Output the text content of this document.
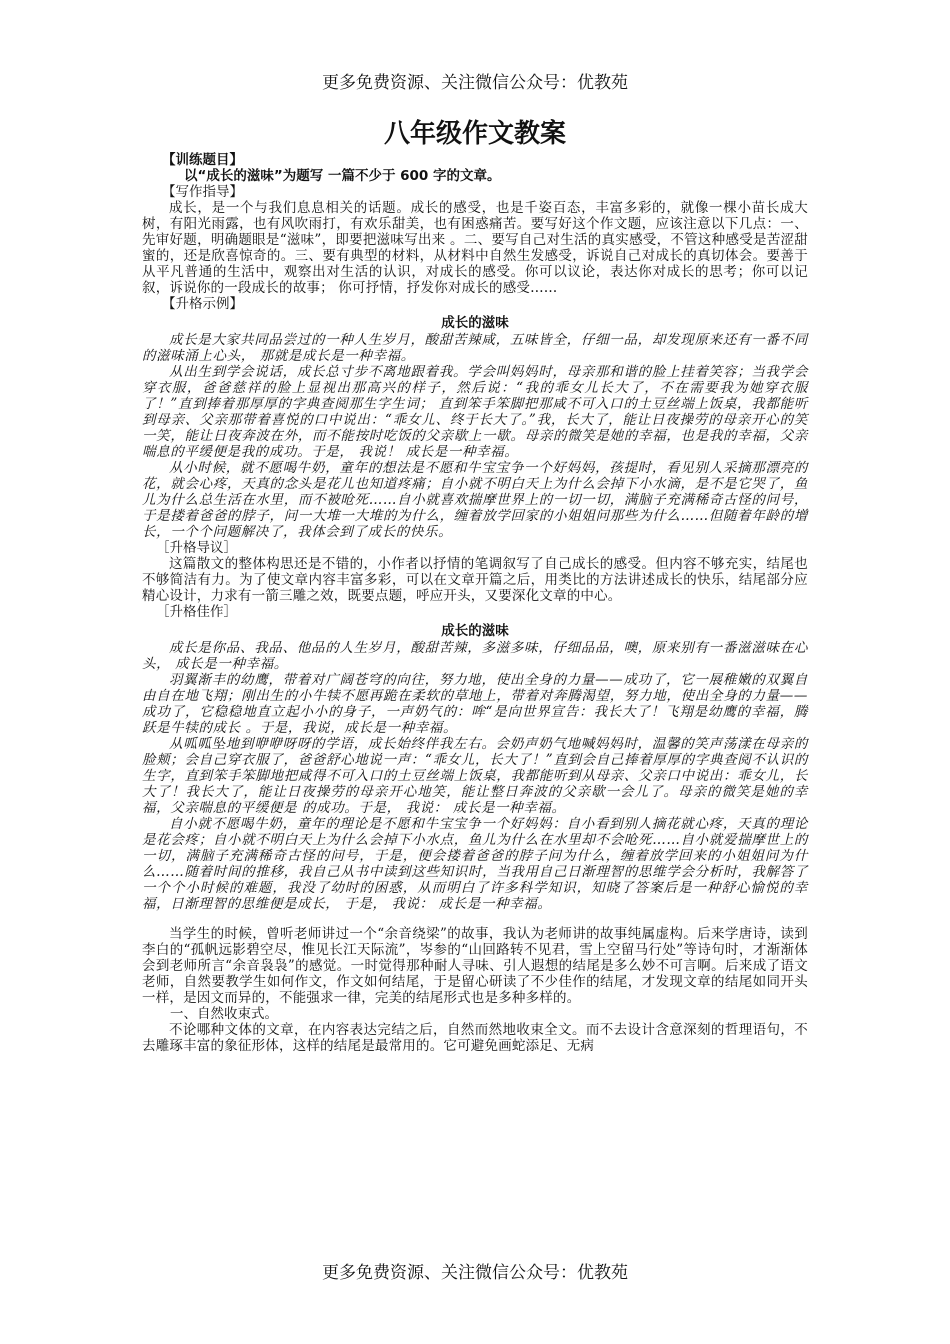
更多免费资源、关注微信公众号：优教苑
八年级作文教案
【训练题目】
以“成长的滋味”为题写 一篇不少于 600 字的文章。
【写作指导】

成长，是一个与我们息息相关的话题。成长的感受，也是千姿百态，丰富多彩的，就像一棵小苗长成大树，有阳光雨露，也有风吹雨打，有欢乐甜美，也有困惑痛苦。要写好这个作文题，应该注意以下几点：一、先审好题，明确题眼是“滋味”，即要把滋味写出来 。二、要写自己对生活的真实感受，不管这种感受是苦涩甜蜜的，还是欣喜惊奇的。三、要有典型的材料，从材料中自然生发感受，诉说自己对成长的真切体会。要善于从平凡普通的生活中，观察出对生活的认识，对成长的感受。你可以议论，表达你对成长的思考；你可以记叙，诉说你的一段成长的故事； 你可抒情，抒发你对成长的感受……

【升格示例】
成长的滋味

成长是大家共同品尝过的一种人生岁月，酸甜苦辣咸，五味皆全，仔细一品，却发现原来还有一番不同的滋味涌上心头， 那就是成长是一种幸福。

从出生到学会说话，成长总寸步不离地跟着我。学会叫妈妈时，母亲那和谐的脸上挂着笑容；当我学会穿衣服，爸爸慈祥的脸上显视出那高兴的样子，然后说：“我的乖女儿长大了，不在需要我为她穿衣服了！”直到捧着那厚厚的字典查阅那生字生词； 直到笨手笨脚把那咸不可入口的土豆丝端上饭桌，我都能听到母亲、父亲那带着喜悦的口中说出：“乖女儿、终于长大了。”我，长大了，能让日夜操劳的母亲开心的笑一笑，能让日夜奔波在外，而不能按时吃饭的父亲歇上一歇。母亲的微笑是她的幸福，也是我的幸福，父亲喘息的平缓便是我的成功。于是， 我说！ 成长是一种幸福。

从小时候，就不愿喝牛奶，童年的想法是不愿和牛宝宝争一个好妈妈，孩提时，看见别人采摘那漂亮的花，就会心疼，天真的念头是花儿也知道疼痛；自小就不明白天上为什么会掉下小水滴，是不是它哭了，鱼儿为什么总生活在水里，而不被呛死……自小就喜欢揣摩世界上的一切一切，满脑子充满稀奇古怪的问号，于是搂着爸爸的脖子，问一大堆一大堆的为什么，缠着放学回家的小姐姐问那些为什么……但随着年龄的增长，一个个问题解决了，我体会到了成长的快乐。

［升格导议］

这篇散文的整体构思还是不错的，小作者以抒情的笔调叙写了自己成长的感受。但内容不够充实，结尾也不够简洁有力。为了使文章内容丰富多彩，可以在文章开篇之后，用类比的方法讲述成长的快乐，结尾部分应精心设计，力求有一箭三雕之效，既要点题，呼应开头，又要深化文章的中心。

［升格佳作］
成长的滋味

成长是你品、我品、他品的人生岁月，酸甜苦辣，多滋多味，仔细品品，噢，原来别有一番滋滋味在心头， 成长是一种幸福。

羽翼渐丰的幼鹰，带着对广阔苍穹的向往，努力地，使出全身的力量——成功了，它一展稚嫩的双翼自由自在地飞翔；刚出生的小牛犊不愿再跪在柔软的草地上，带着对奔腾渴望，努力地，使出全身的力量——成功了，它稳稳地直立起小小的身子，一声奶气的：哞“是向世界宣告：我长大了！飞翔是幼鹰的幸福，腾跃是牛犊的成长 。于是，我说，成长是一种幸福。

从呱呱坠地到咿咿呀呀的学语，成长始终伴我左右。会奶声奶气地喊妈妈时，温馨的笑声荡漾在母亲的脸颊；会自己穿衣服了，爸爸舒心地说一声：“乖女儿，长大了！”直到会自己捧着厚厚的字典查阅不认识的生字，直到笨手笨脚地把咸得不可入口的土豆丝端上饭桌，我都能听到从母亲、父亲口中说出：乖女儿，长大了！我长大了，能让日夜操劳的母亲开心地笑，能让整日奔波的父亲歇一会儿了。母亲的微笑是她的幸福，父亲喘息的平缓便是 的成功。于是， 我说： 成长是一种幸福。

自小就不愿喝牛奶，童年的理论是不愿和牛宝宝争一个好妈妈：自小看到别人摘花就心疼，天真的理论是花会疼；自小就不明白天上为什么会掉下小水点，鱼儿为什么在水里却不会呛死……自小就爱揣摩世上的一切，满脑子充满稀奇古怪的问号，于是，便会搂着爸爸的脖子问为什么，缠着放学回来的小姐姐问为什么……随着时间的推移，我自己从书中读到这些知识时，当我用自己日渐理智的思维学会分析时，我解答了一个个小时候的难题，我没了幼时的困惑，从而明白了许多科学知识，知晓了答案后是一种舒心愉悦的幸福，日渐理智的思维便是成长， 于是， 我说： 成长是一种幸福。

当学生的时候，曾听老师讲过一个“余音绕梁”的故事，我认为老师讲的故事纯属虚构。后来学唐诗，读到李白的“孤帆远影碧空尽，惟见长江天际流”，岑参的“山回路转不见君，雪上空留马行处”等诗句时，才渐渐体会到老师所言“余音袅袅”的感觉。一时觉得那种耐人寻味、引人遐想的结尾是多么妙不可言啊。后来成了语文老师，自然要教学生如何作文，作文如何结尾，于是留心研读了不少佳作的结尾，才发现文章的结尾如同开头一样，是因文而异的，不能强求一律，完美的结尾形式也是多种多样的。

一、自然收束式。

不论哪种文体的文章，在内容表达完结之后，自然而然地收束全文。而不去设计含意深刻的哲理语句，不去雕琢丰富的象征形体，这样的结尾是最常用的。它可避免画蛇添足、无病

更多免费资源、关注微信公众号：优教苑
